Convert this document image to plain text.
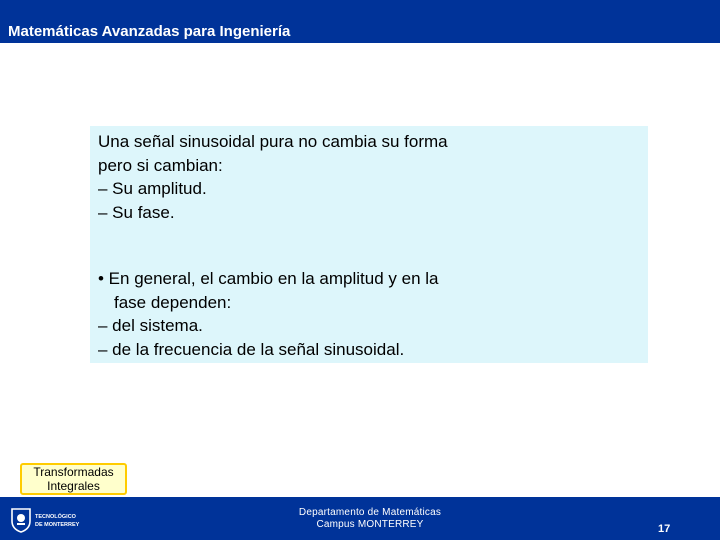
Matemáticas Avanzadas para Ingeniería
Una señal sinusoidal pura no cambia su forma
pero si cambian:
– Su amplitud.
– Su fase.
• En general, el cambio en la amplitud y en la
fase dependen:
– del sistema.
– de la frecuencia de la señal sinusoidal.
Transformadas
Integrales
TECNOLÓGICO
DE MONTERREY
Departamento de Matemáticas
Campus MONTERREY	17
